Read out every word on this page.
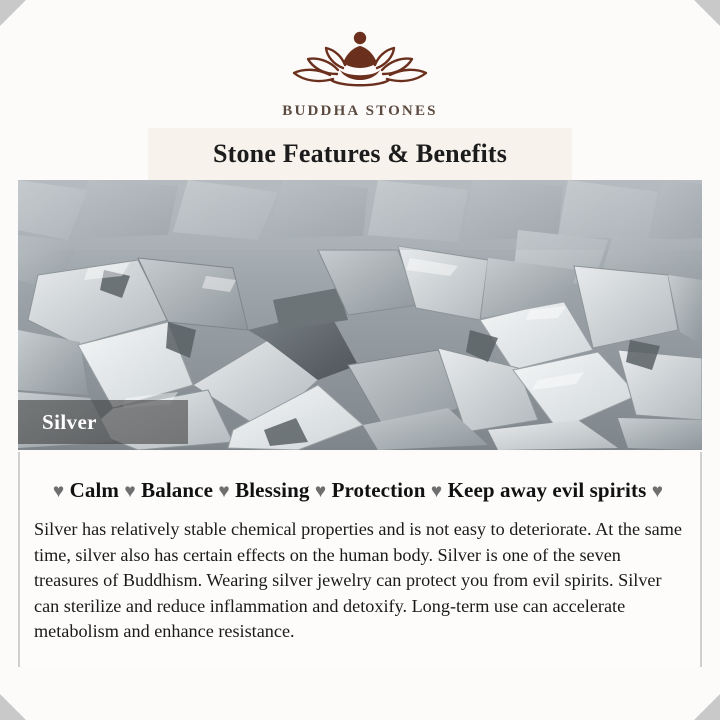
BUDDHA STONES
Stone Features & Benefits
Silver
♥ Calm ♥ Balance ♥ Blessing ♥ Protection ♥ Keep away evil spirits ♥

Silver has relatively stable chemical properties and is not easy to deteriorate. At the same time, silver also has certain effects on the human body. Silver is one of the seven treasures of Buddhism. Wearing silver jewelry can protect you from evil spirits. Silver can sterilize and reduce inflammation and detoxify. Long-term use can accelerate metabolism and enhance resistance.
